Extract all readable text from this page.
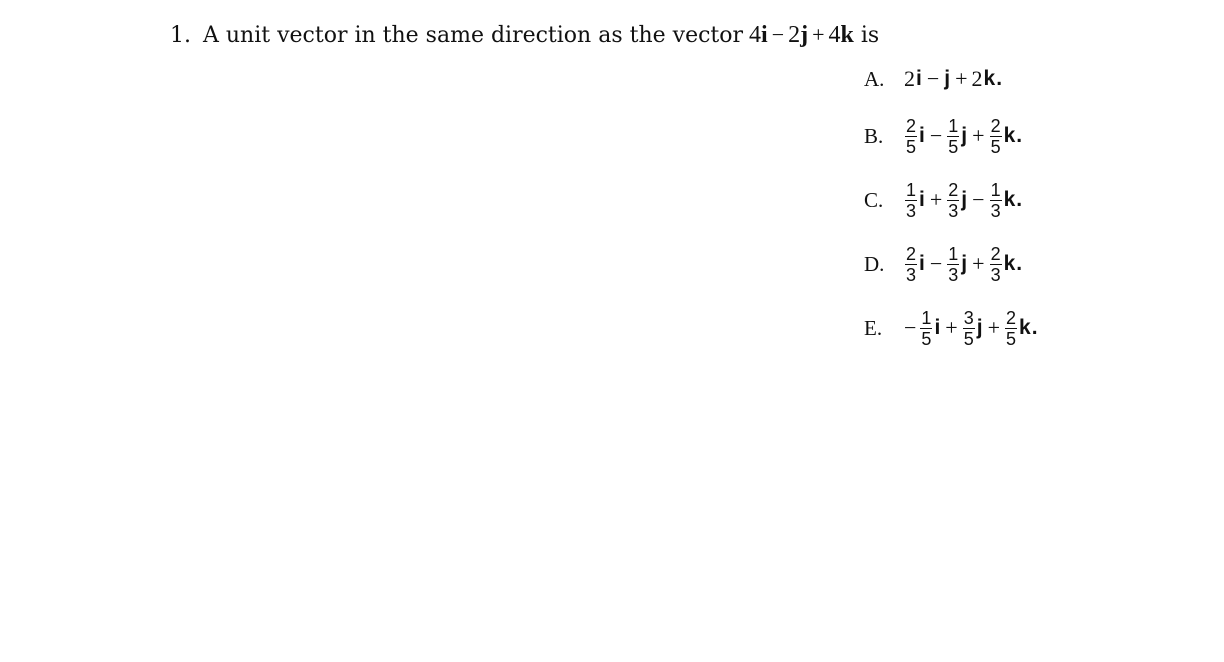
1. A unit vector in the same direction as the vector 4i − 2j + 4k is
A. 2 i − j + 2 k .
B.	$\frac{2}{5}$ $i - \frac{1}{5}$ $j + \frac{2}{5}$ k .
C.	$\frac{1}{3}$ $i + \frac{2}{3}$ $j - \frac{1}{3}$ k .
D.	$\frac{2}{3}$ $i - \frac{1}{3}$ $j + \frac{2}{3}$ k .
E. − $\frac{1}{5}$ $i + \frac{3}{5}$ $j + \frac{2}{5}$ k .
